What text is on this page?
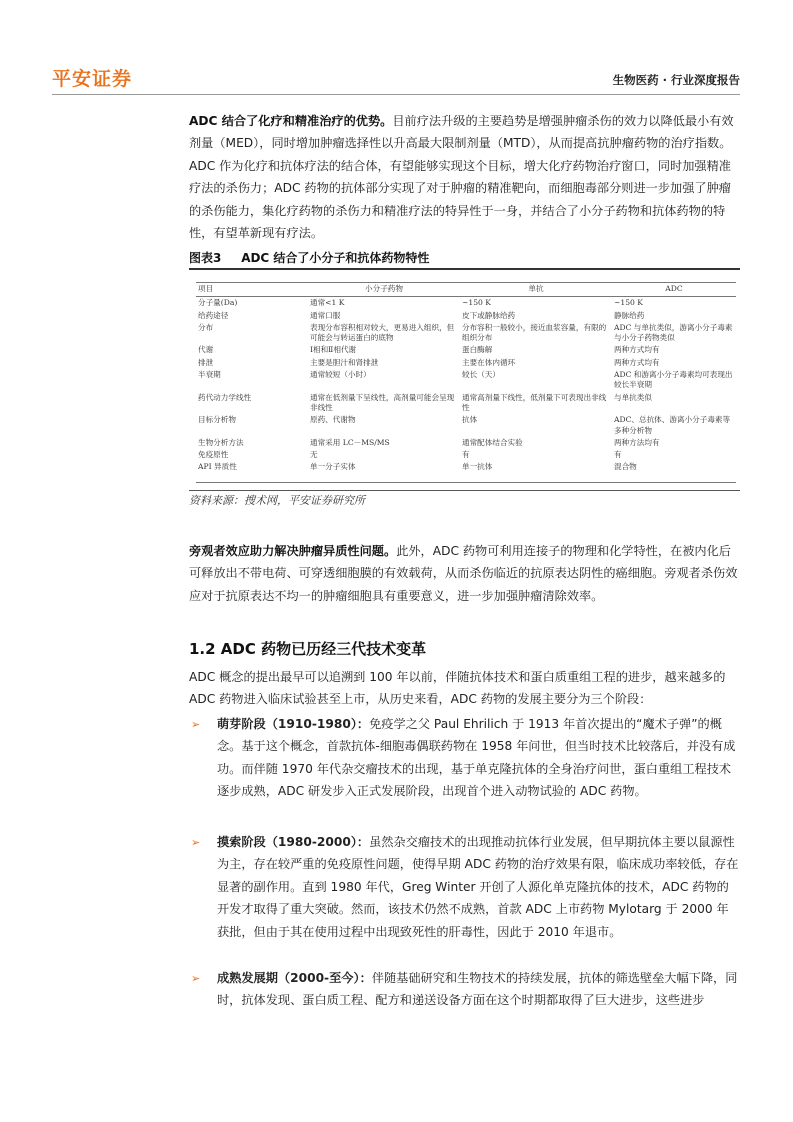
平安证券	生物医药 · 行业深度报告

ADC 结合了化疗和精准治疗的优势。目前疗法升级的主要趋势是增强肿瘤杀伤的效力以降低最小有效剂量（MED），同时增加肿瘤选择性以升高最大限制剂量（MTD），从而提高抗肿瘤药物的治疗指数。ADC 作为化疗和抗体疗法的结合体，有望能够实现这个目标，增大化疗药物治疗窗口，同时加强精准疗法的杀伤力；ADC 药物的抗体部分实现了对于肿瘤的精准靶向，而细胞毒部分则进一步加强了肿瘤的杀伤能力，集化疗药物的杀伤力和精准疗法的特异性于一身，并结合了小分子药物和抗体药物的特性，有望革新现有疗法。

图表3 ADC 结合了小分子和抗体药物特性
项目	小分子药物	单抗	ADC
分子量(Da)	通常<1 K	~150 K	~150 K
给药途径	通常口服	皮下或静脉给药	静脉给药
分布	表现分布容积相对较大，更易进入组织，但可能会与转运蛋白的底物	分布容积一般较小，接近血浆容量，有限的组织分布	ADC 与单抗类似，游离小分子毒素与小分子药物类似
代谢	Ⅰ相和Ⅱ相代谢	蛋白酶解	两种方式均有
排泄	主要是胆汁和肾排泄	主要在体内循环	两种方式均有
半衰期	通常较短（小时）	较长（天）	ADC 和游离小分子毒素均可表现出较长半衰期
药代动力学线性	通常在低剂量下呈线性，高剂量可能会呈现非线性	通常高剂量下线性，低剂量下可表现出非线性	与单抗类似
目标分析物	原药、代谢物	抗体	ADC、总抗体、游离小分子毒素等多种分析物
生物分析方法	通常采用 LC－MS/MS	通常配体结合实验	两种方法均有
免疫原性	无	有	有
API 异质性	单一分子实体	单一抗体	混合物
资料来源：搜术网，平安证券研究所

旁观者效应助力解决肿瘤异质性问题。此外，ADC 药物可利用连接子的物理和化学特性，在被内化后可释放出不带电荷、可穿透细胞膜的有效载荷，从而杀伤临近的抗原表达阴性的癌细胞。旁观者杀伤效应对于抗原表达不均一的肿瘤细胞具有重要意义，进一步加强肿瘤清除效率。

1.2 ADC 药物已历经三代技术变革

ADC 概念的提出最早可以追溯到 100 年以前，伴随抗体技术和蛋白质重组工程的进步，越来越多的 ADC 药物进入临床试验甚至上市，从历史来看，ADC 药物的发展主要分为三个阶段：

➢ 萌芽阶段（1910-1980）：免疫学之父 Paul Ehrilich 于 1913 年首次提出的“魔术子弹”的概念。基于这个概念，首款抗体-细胞毒偶联药物在 1958 年问世，但当时技术比较落后，并没有成功。而伴随 1970 年代杂交瘤技术的出现，基于单克隆抗体的全身治疗问世，蛋白重组工程技术逐步成熟，ADC 研发步入正式发展阶段，出现首个进入动物试验的 ADC 药物。

➢ 摸索阶段（1980-2000）：虽然杂交瘤技术的出现推动抗体行业发展，但早期抗体主要以鼠源性为主，存在较严重的免疫原性问题，使得早期 ADC 药物的治疗效果有限，临床成功率较低，存在显著的副作用。直到 1980 年代，Greg Winter 开创了人源化单克隆抗体的技术，ADC 药物的开发才取得了重大突破。然而，该技术仍然不成熟，首款 ADC 上市药物 Mylotarg 于 2000 年获批，但由于其在使用过程中出现致死性的肝毒性，因此于 2010 年退市。

➢ 成熟发展期（2000-至今）：伴随基础研究和生物技术的持续发展，抗体的筛选壁垒大幅下降，同时，抗体发现、蛋白质工程、配方和递送设备方面在这个时期都取得了巨大进步，这些进步
